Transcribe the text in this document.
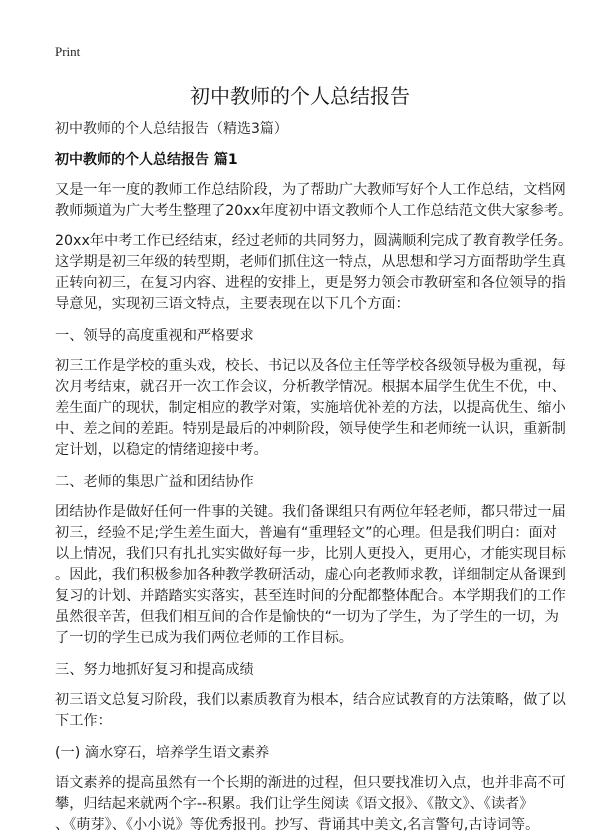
Print
初中教师的个人总结报告
初中教师的个人总结报告（精选3篇）
初中教师的个人总结报告 篇1
又是一年一度的教师工作总结阶段，为了帮助广大教师写好个人工作总结，文档网
教师频道为广大考生整理了20xx年度初中语文教师个人工作总结范文供大家参考。
20xx年中考工作已经结束，经过老师的共同努力，圆满顺利完成了教育教学任务。
这学期是初三年级的转型期，老师们抓住这一特点，从思想和学习方面帮助学生真
正转向初三，在复习内容、进程的安排上，更是努力领会市教研室和各位领导的指
导意见，实现初三语文特点，主要表现在以下几个方面：
一、领导的高度重视和严格要求
初三工作是学校的重头戏，校长、书记以及各位主任等学校各级领导极为重视，每
次月考结束，就召开一次工作会议，分析教学情况。根据本届学生优生不优，中、
差生面广的现状，制定相应的教学对策，实施培优补差的方法，以提高优生、缩小
中、差之间的差距。特别是最后的冲刺阶段，领导使学生和老师统一认识，重新制
定计划，以稳定的情绪迎接中考。
二、老师的集思广益和团结协作
团结协作是做好任何一件事的关键。我们备课组只有两位年轻老师，都只带过一届
初三，经验不足;学生差生面大，普遍有“重理轻文”的心理。但是我们明白：面对
以上情况，我们只有扎扎实实做好每一步，比别人更投入，更用心，才能实现目标
。因此，我们积极参加各种教学教研活动，虚心向老教师求教，详细制定从备课到
复习的计划、并踏踏实实落实，甚至连时间的分配都整体配合。本学期我们的工作
虽然很辛苦，但我们相互间的合作是愉快的“一切为了学生，为了学生的一切，为
了一切的学生已成为我们两位老师的工作目标。
三、努力地抓好复习和提高成绩
初三语文总复习阶段，我们以素质教育为根本，结合应试教育的方法策略，做了以
下工作：
(一) 滴水穿石，培养学生语文素养
语文素养的提高虽然有一个长期的渐进的过程，但只要找准切入点，也并非高不可
攀，归结起来就两个字--积累。我们让学生阅读《语文报》、《散文》、《读者》
、《萌芽》、《小小说》等优秀报刊。抄写、背诵其中美文,名言警句,古诗词等。
